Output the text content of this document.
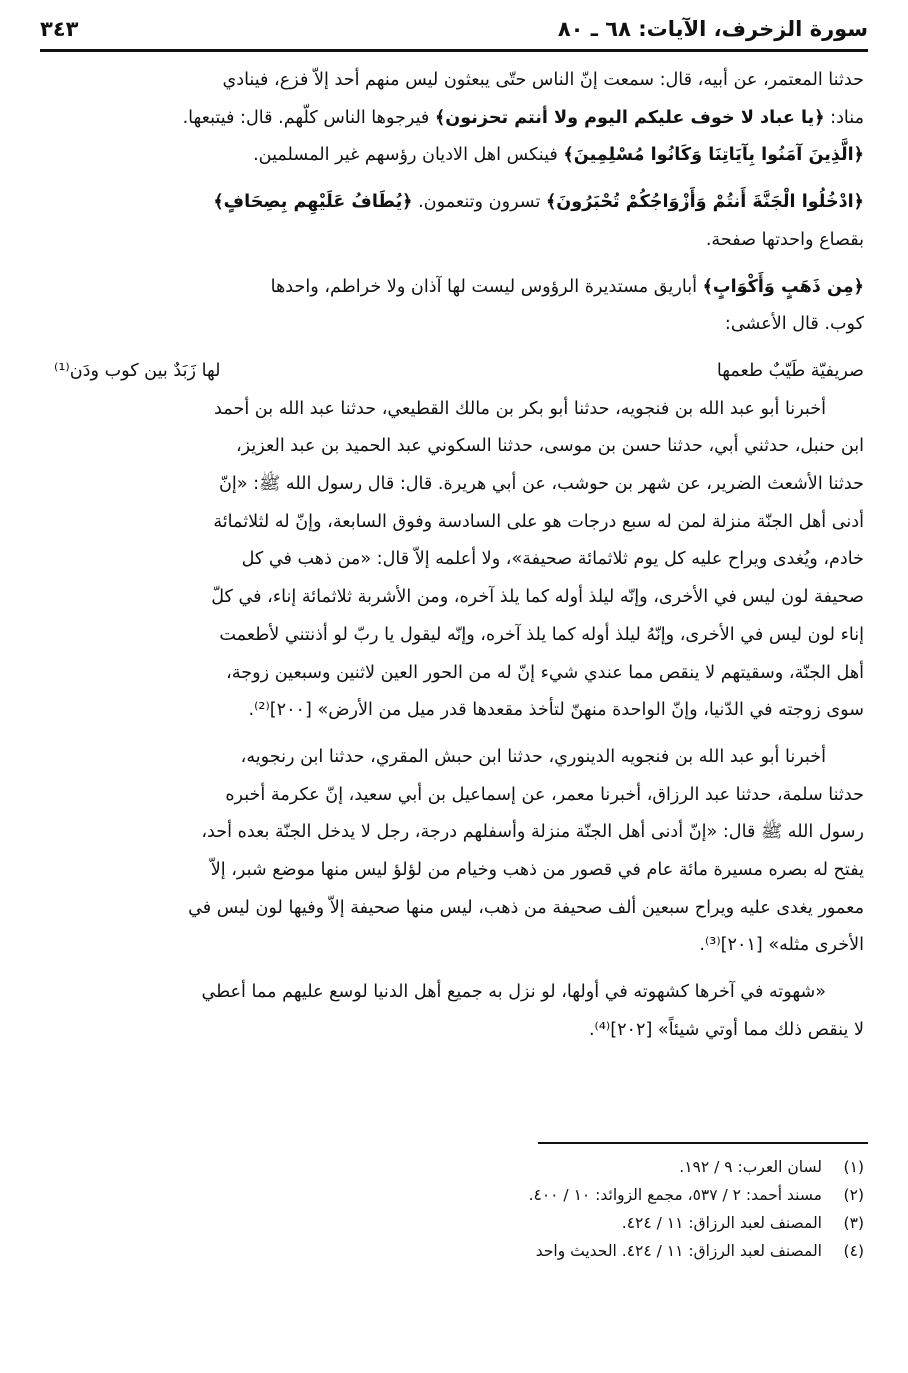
سورة الزخرف، الآيات: ٦٨ ـ ٨٠
٣٤٣

حدثنا المعتمر، عن أبيه، قال: سمعت إنّ الناس حتّى يبعثون ليس منهم أحد إلاّ فزع، فينادي

مناد: ﴿يا عباد لا خوف عليكم اليوم ولا أنتم تحزنون﴾ فيرجوها الناس كلّهم. قال: فيتبعها.

﴿الَّذِينَ آمَنُوا بِآيَاتِنَا وَكَانُوا مُسْلِمِينَ﴾ فينكس اهل الاديان رؤسهم غير المسلمين.

﴿ادْخُلُوا الْجَنَّةَ أَنتُمْ وَأَزْوَاجُكُمْ تُحْبَرُونَ﴾ تسرون وتنعمون. ﴿يُطَافُ عَلَيْهِم بِصِحَافٍ﴾

بقصاع واحدتها صفحة.

﴿مِن ذَهَبٍ وَأَكْوَابٍ﴾ أباريق مستديرة الرؤوس ليست لها آذان ولا خراطم، واحدها

كوب. قال الأعشى:

صريفيّة طَيّبٌ طعمها
لها زَبَدٌ بين كوب ودَن⁽¹⁾

أخبرنا أبو عبد الله بن فنجويه، حدثنا أبو بكر بن مالك القطيعي، حدثنا عبد الله بن أحمد

ابن حنبل، حدثني أبي، حدثنا حسن بن موسى، حدثنا السكوني عبد الحميد بن عبد العزيز،

حدثنا الأشعث الضرير، عن شهر بن حوشب، عن أبي هريرة. قال: قال رسول الله ﷺ: «إنّ

أدنى أهل الجنّة منزلة لمن له سبع درجات هو على السادسة وفوق السابعة، وإنّ له لثلاثمائة

خادم، ويُغدى ويراح عليه كل يوم ثلاثمائة صحيفة»، ولا أعلمه إلاّ قال: «من ذهب في كل

صحيفة لون ليس في الأخرى، وإنّه ليلذ أوله كما يلذ آخره، ومن الأشربة ثلاثمائة إناء، في كلّ

إناء لون ليس في الأخرى، وإنّهُ ليلذ أوله كما يلذ آخره، وإنّه ليقول يا ربّ لو أذنتني لأطعمت

أهل الجنّة، وسقيتهم لا ينقص مما عندي شيء إنّ له من الحور العين لاثنين وسبعين زوجة،

سوى زوجته في الدّنيا، وإنّ الواحدة منهنّ لتأخذ مقعدها قدر ميل من الأرض» [٢٠٠]⁽²⁾.

أخبرنا أبو عبد الله بن فنجويه الدينوري، حدثنا ابن حبش المقري، حدثنا ابن رنجويه،

حدثنا سلمة، حدثنا عبد الرزاق، أخبرنا معمر، عن إسماعيل بن أبي سعيد، إنّ عكرمة أخبره

رسول الله ﷺ قال: «إنّ أدنى أهل الجنّة منزلة وأسفلهم درجة، رجل لا يدخل الجنّة بعده أحد،

يفتح له بصره مسيرة مائة عام في قصور من ذهب وخيام من لؤلؤ ليس منها موضع شبر، إلاّ

معمور يغدى عليه ويراح سبعين ألف صحيفة من ذهب، ليس منها صحيفة إلاّ وفيها لون ليس في

الأخرى مثله» [٢٠١]⁽³⁾.

«شهوته في آخرها كشهوته في أولها، لو نزل به جميع أهل الدنيا لوسع عليهم مما أعطي

لا ينقص ذلك مما أوتي شيئاً» [٢٠٢]⁽⁴⁾.

(١)
لسان العرب: ٩ / ١٩٢.
(٢)
مسند أحمد: ٢ / ٥٣٧، مجمع الزوائد: ١٠ / ٤٠٠.
(٣)
المصنف لعبد الرزاق: ١١ / ٤٢٤.
(٤)
المصنف لعبد الرزاق: ١١ / ٤٢٤. الحديث واحد
